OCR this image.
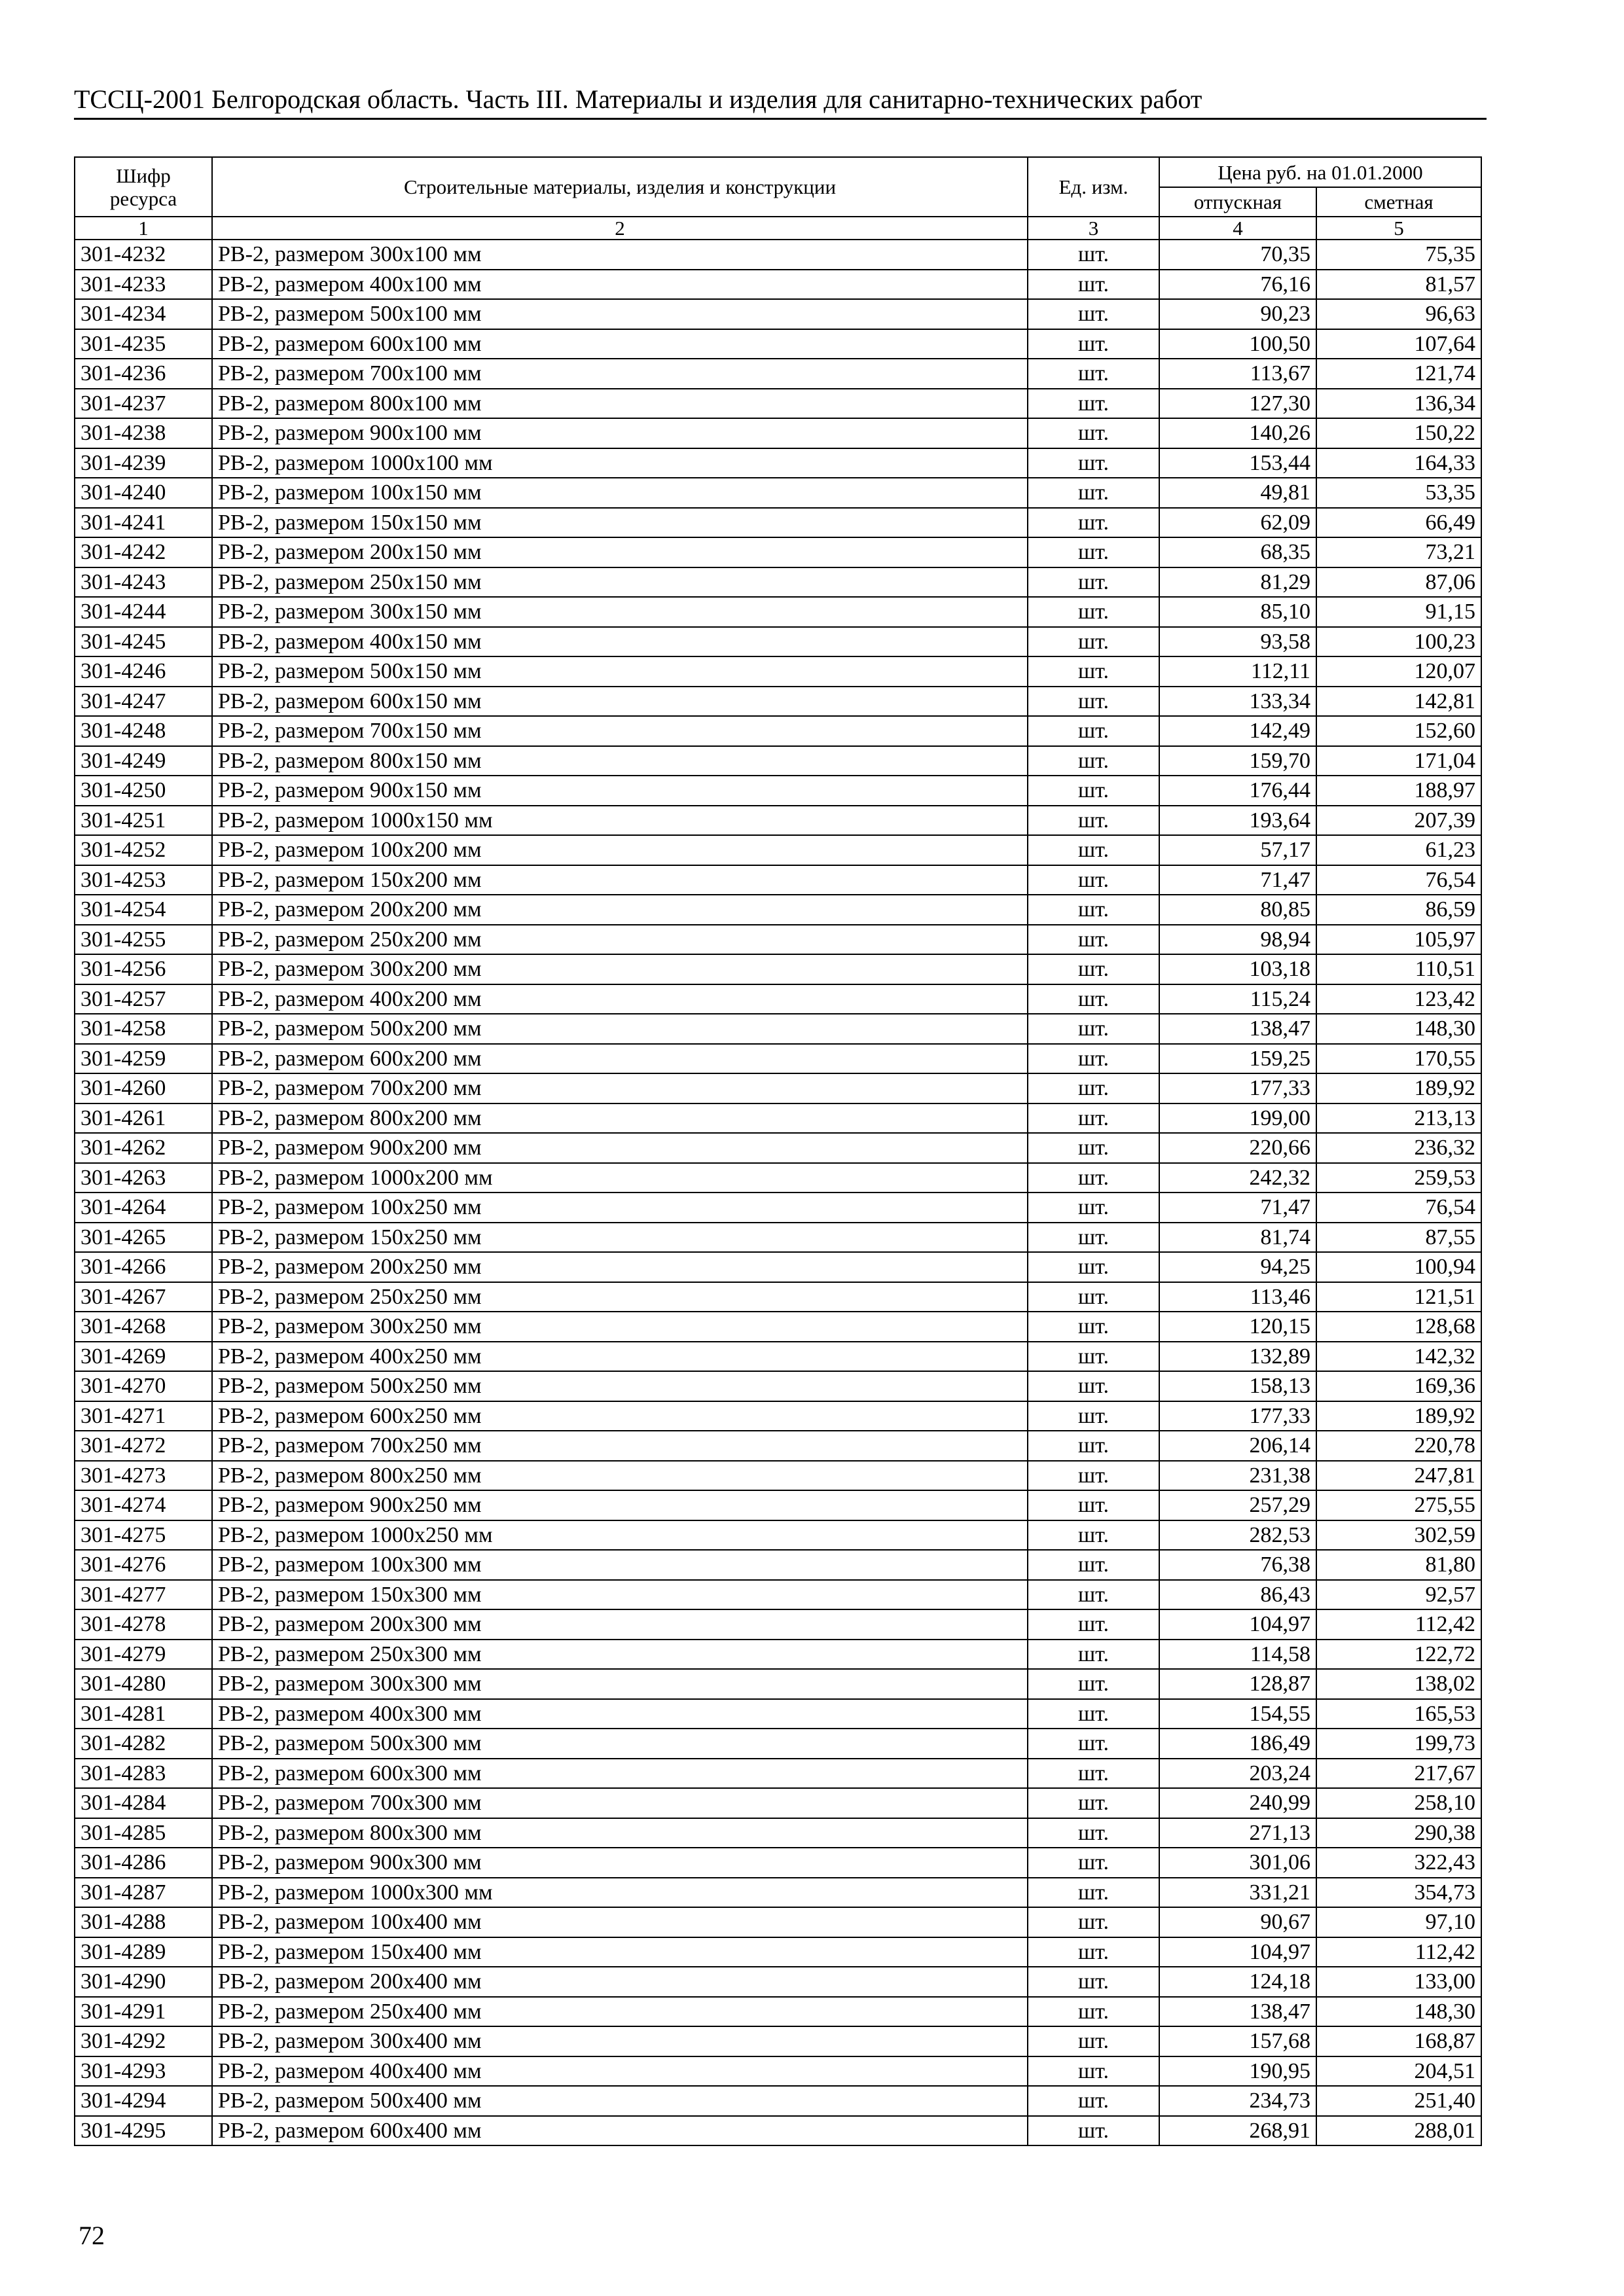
ТССЦ-2001 Белгородская область. Часть III. Материалы и изделия для санитарно-технических работ
Шифр ресурса	Строительные материалы, изделия и конструкции	Ед. изм.	Цена руб. на 01.01.2000	
			отпускная	сметная
1	2	3	4	5
301-4232	РВ-2, размером 300х100 мм	шт.	70,35	75,35
301-4233	РВ-2, размером 400х100 мм	шт.	76,16	81,57
301-4234	РВ-2, размером 500х100 мм	шт.	90,23	96,63
301-4235	РВ-2, размером 600х100 мм	шт.	100,50	107,64
301-4236	РВ-2, размером 700х100 мм	шт.	113,67	121,74
301-4237	РВ-2, размером 800х100 мм	шт.	127,30	136,34
301-4238	РВ-2, размером 900х100 мм	шт.	140,26	150,22
301-4239	РВ-2, размером 1000х100 мм	шт.	153,44	164,33
301-4240	РВ-2, размером 100х150 мм	шт.	49,81	53,35
301-4241	РВ-2, размером 150х150 мм	шт.	62,09	66,49
301-4242	РВ-2, размером 200х150 мм	шт.	68,35	73,21
301-4243	РВ-2, размером 250х150 мм	шт.	81,29	87,06
301-4244	РВ-2, размером 300х150 мм	шт.	85,10	91,15
301-4245	РВ-2, размером 400х150 мм	шт.	93,58	100,23
301-4246	РВ-2, размером 500х150 мм	шт.	112,11	120,07
301-4247	РВ-2, размером 600х150 мм	шт.	133,34	142,81
301-4248	РВ-2, размером 700х150 мм	шт.	142,49	152,60
301-4249	РВ-2, размером 800х150 мм	шт.	159,70	171,04
301-4250	РВ-2, размером 900х150 мм	шт.	176,44	188,97
301-4251	РВ-2, размером 1000х150 мм	шт.	193,64	207,39
301-4252	РВ-2, размером 100х200 мм	шт.	57,17	61,23
301-4253	РВ-2, размером 150х200 мм	шт.	71,47	76,54
301-4254	РВ-2, размером 200х200 мм	шт.	80,85	86,59
301-4255	РВ-2, размером 250х200 мм	шт.	98,94	105,97
301-4256	РВ-2, размером 300х200 мм	шт.	103,18	110,51
301-4257	РВ-2, размером 400х200 мм	шт.	115,24	123,42
301-4258	РВ-2, размером 500х200 мм	шт.	138,47	148,30
301-4259	РВ-2, размером 600х200 мм	шт.	159,25	170,55
301-4260	РВ-2, размером 700х200 мм	шт.	177,33	189,92
301-4261	РВ-2, размером 800х200 мм	шт.	199,00	213,13
301-4262	РВ-2, размером 900х200 мм	шт.	220,66	236,32
301-4263	РВ-2, размером 1000х200 мм	шт.	242,32	259,53
301-4264	РВ-2, размером 100х250 мм	шт.	71,47	76,54
301-4265	РВ-2, размером 150х250 мм	шт.	81,74	87,55
301-4266	РВ-2, размером 200х250 мм	шт.	94,25	100,94
301-4267	РВ-2, размером 250х250 мм	шт.	113,46	121,51
301-4268	РВ-2, размером 300х250 мм	шт.	120,15	128,68
301-4269	РВ-2, размером 400х250 мм	шт.	132,89	142,32
301-4270	РВ-2, размером 500х250 мм	шт.	158,13	169,36
301-4271	РВ-2, размером 600х250 мм	шт.	177,33	189,92
301-4272	РВ-2, размером 700х250 мм	шт.	206,14	220,78
301-4273	РВ-2, размером 800х250 мм	шт.	231,38	247,81
301-4274	РВ-2, размером 900х250 мм	шт.	257,29	275,55
301-4275	РВ-2, размером 1000х250 мм	шт.	282,53	302,59
301-4276	РВ-2, размером 100х300 мм	шт.	76,38	81,80
301-4277	РВ-2, размером 150х300 мм	шт.	86,43	92,57
301-4278	РВ-2, размером 200х300 мм	шт.	104,97	112,42
301-4279	РВ-2, размером 250х300 мм	шт.	114,58	122,72
301-4280	РВ-2, размером 300х300 мм	шт.	128,87	138,02
301-4281	РВ-2, размером 400х300 мм	шт.	154,55	165,53
301-4282	РВ-2, размером 500х300 мм	шт.	186,49	199,73
301-4283	РВ-2, размером 600х300 мм	шт.	203,24	217,67
301-4284	РВ-2, размером 700х300 мм	шт.	240,99	258,10
301-4285	РВ-2, размером 800х300 мм	шт.	271,13	290,38
301-4286	РВ-2, размером 900х300 мм	шт.	301,06	322,43
301-4287	РВ-2, размером 1000х300 мм	шт.	331,21	354,73
301-4288	РВ-2, размером 100х400 мм	шт.	90,67	97,10
301-4289	РВ-2, размером 150х400 мм	шт.	104,97	112,42
301-4290	РВ-2, размером 200х400 мм	шт.	124,18	133,00
301-4291	РВ-2, размером 250х400 мм	шт.	138,47	148,30
301-4292	РВ-2, размером 300х400 мм	шт.	157,68	168,87
301-4293	РВ-2, размером 400х400 мм	шт.	190,95	204,51
301-4294	РВ-2, размером 500х400 мм	шт.	234,73	251,40
301-4295	РВ-2, размером 600х400 мм	шт.	268,91	288,01
72
